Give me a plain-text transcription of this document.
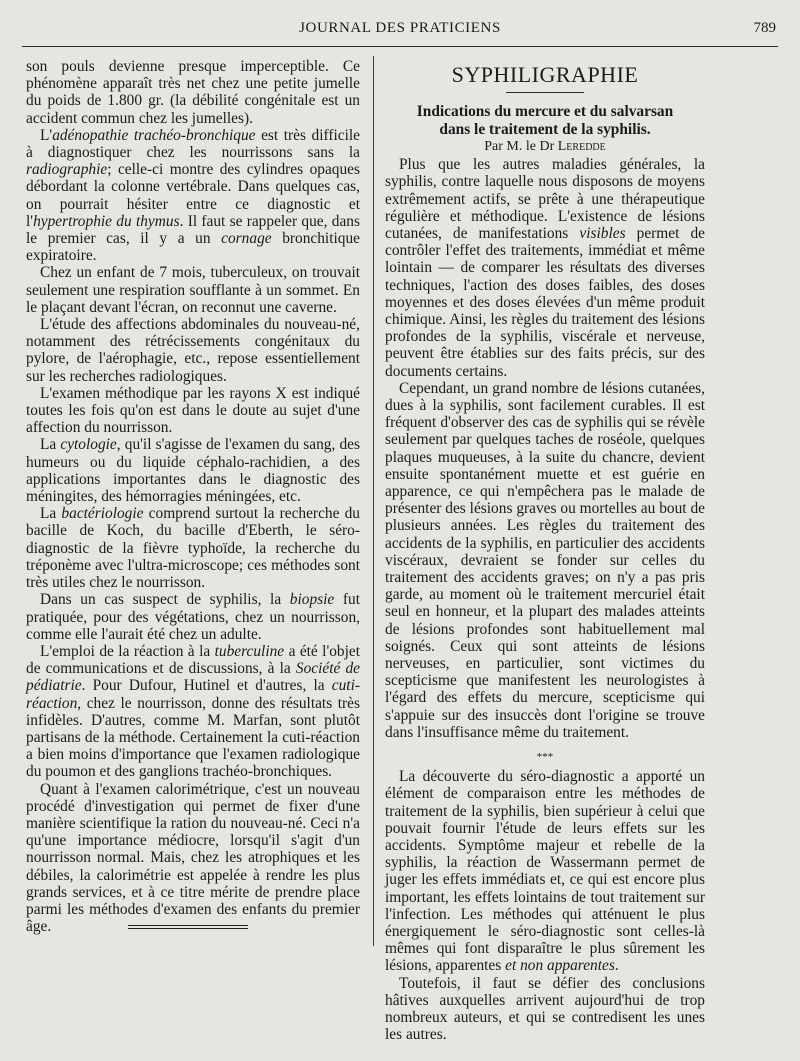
JOURNAL DES PRATICIENS	789

son pouls devienne presque imperceptible. Ce phénomène apparaît très net chez une petite jumelle du poids de 1.800 gr. (la débilité congénitale est un accident commun chez les jumelles).

L'adénopathie trachéo-bronchique est très difficile à diagnostiquer chez les nourrissons sans la radiographie; celle-ci montre des cylindres opaques débordant la colonne vertébrale. Dans quelques cas, on pourrait hésiter entre ce diagnostic et l'hypertrophie du thymus. Il faut se rappeler que, dans le premier cas, il y a un cornage bronchitique expiratoire.

Chez un enfant de 7 mois, tuberculeux, on trouvait seulement une respiration soufflante à un sommet. En le plaçant devant l'écran, on reconnut une caverne.

L'étude des affections abdominales du nouveau-né, notamment des rétrécissements congénitaux du pylore, de l'aérophagie, etc., repose essentiellement sur les recherches radiologiques.

L'examen méthodique par les rayons X est indiqué toutes les fois qu'on est dans le doute au sujet d'une affection du nourrisson.

La cytologie, qu'il s'agisse de l'examen du sang, des humeurs ou du liquide céphalo-rachidien, a des applications importantes dans le diagnostic des méningites, des hémorragies méningées, etc.

La bactériologie comprend surtout la recherche du bacille de Koch, du bacille d'Eberth, le séro-diagnostic de la fièvre typhoïde, la recherche du tréponème avec l'ultra-microscope; ces méthodes sont très utiles chez le nourrisson.

Dans un cas suspect de syphilis, la biopsie fut pratiquée, pour des végétations, chez un nourrisson, comme elle l'aurait été chez un adulte.

L'emploi de la réaction à la tuberculine a été l'objet de communications et de discussions, à la Société de pédiatrie. Pour Dufour, Hutinel et d'autres, la cuti-réaction, chez le nourrisson, donne des résultats très infidèles. D'autres, comme M. Marfan, sont plutôt partisans de la méthode. Certainement la cuti-réaction a bien moins d'importance que l'examen radiologique du poumon et des ganglions trachéo-bronchiques.

Quant à l'examen calorimétrique, c'est un nouveau procédé d'investigation qui permet de fixer d'une manière scientifique la ration du nouveau-né. Ceci n'a qu'une importance médiocre, lorsqu'il s'agit d'un nourrisson normal. Mais, chez les atrophiques et les débiles, la calorimétrie est appelée à rendre les plus grands services, et à ce titre mérite de prendre place parmi les méthodes d'examen des enfants du premier âge.

SYPHILIGRAPHIE

Indications du mercure et du salvarsan
dans le traitement de la syphilis.

Par M. le Dr Leredde

Plus que les autres maladies générales, la syphilis, contre laquelle nous disposons de moyens extrêmement actifs, se prête à une thérapeutique régulière et méthodique. L'existence de lésions cutanées, de manifestations visibles permet de contrôler l'effet des traitements, immédiat et même lointain — de comparer les résultats des diverses techniques, l'action des doses faibles, des doses moyennes et des doses élevées d'un même produit chimique. Ainsi, les règles du traitement des lésions profondes de la syphilis, viscérale et nerveuse, peuvent être établies sur des faits précis, sur des documents certains.

Cependant, un grand nombre de lésions cutanées, dues à la syphilis, sont facilement curables. Il est fréquent d'observer des cas de syphilis qui se révèle seulement par quelques taches de roséole, quelques plaques muqueuses, à la suite du chancre, devient ensuite spontanément muette et est guérie en apparence, ce qui n'empêchera pas le malade de présenter des lésions graves ou mortelles au bout de plusieurs années. Les règles du traitement des accidents de la syphilis, en particulier des accidents viscéraux, devraient se fonder sur celles du traitement des accidents graves; on n'y a pas pris garde, au moment où le traitement mercuriel était seul en honneur, et la plupart des malades atteints de lésions profondes sont habituellement mal soignés. Ceux qui sont atteints de lésions nerveuses, en particulier, sont victimes du scepticisme que manifestent les neurologistes à l'égard des effets du mercure, scepticisme qui s'appuie sur des insuccès dont l'origine se trouve dans l'insuffisance même du traitement.

***

La découverte du séro-diagnostic a apporté un élément de comparaison entre les méthodes de traitement de la syphilis, bien supérieur à celui que pouvait fournir l'étude de leurs effets sur les accidents. Symptôme majeur et rebelle de la syphilis, la réaction de Wassermann permet de juger les effets immédiats et, ce qui est encore plus important, les effets lointains de tout traitement sur l'infection. Les méthodes qui atténuent le plus énergiquement le séro-diagnostic sont celles-là mêmes qui font disparaître le plus sûrement les lésions, apparentes et non apparentes.

Toutefois, il faut se défier des conclusions hâtives auxquelles arrivent aujourd'hui de trop nombreux auteurs, et qui se contredisent les unes les autres.
